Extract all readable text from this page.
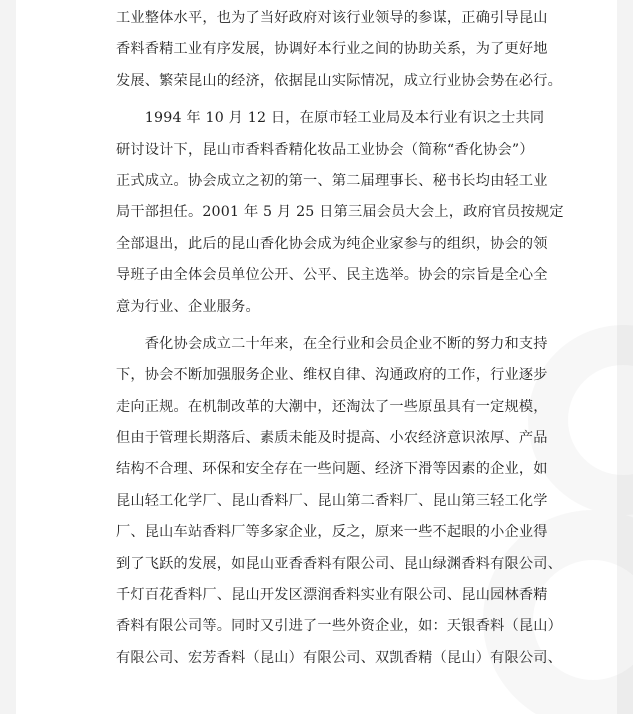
工业整体水平，也为了当好政府对该行业领导的参谋，正确引导昆山
香料香精工业有序发展，协调好本行业之间的协助关系，为了更好地
发展、繁荣昆山的经济，依据昆山实际情况，成立行业协会势在必行。
　　1994 年 10 月 12 日，在原市轻工业局及本行业有识之士共同
研讨设计下，昆山市香料香精化妆品工业协会（简称“香化协会”）
正式成立。协会成立之初的第一、第二届理事长、秘书长均由轻工业
局干部担任。2001 年 5 月 25 日第三届会员大会上，政府官员按规定
全部退出，此后的昆山香化协会成为纯企业家参与的组织，协会的领
导班子由全体会员单位公开、公平、民主选举。协会的宗旨是全心全
意为行业、企业服务。
　　香化协会成立二十年来，在全行业和会员企业不断的努力和支持
下，协会不断加强服务企业、维权自律、沟通政府的工作，行业逐步
走向正规。在机制改革的大潮中，还淘汰了一些原虽具有一定规模，
但由于管理长期落后、素质未能及时提高、小农经济意识浓厚、产品
结构不合理、环保和安全存在一些问题、经济下滑等因素的企业，如
昆山轻工化学厂、昆山香料厂、昆山第二香料厂、昆山第三轻工化学
厂、昆山车站香料厂等多家企业，反之，原来一些不起眼的小企业得
到了飞跃的发展，如昆山亚香香料有限公司、昆山绿渊香料有限公司、
千灯百花香料厂、昆山开发区漂润香料实业有限公司、昆山园林香精
香料有限公司等。同时又引进了一些外资企业，如：天银香料（昆山）
有限公司、宏芳香料（昆山）有限公司、双凯香精（昆山）有限公司、
